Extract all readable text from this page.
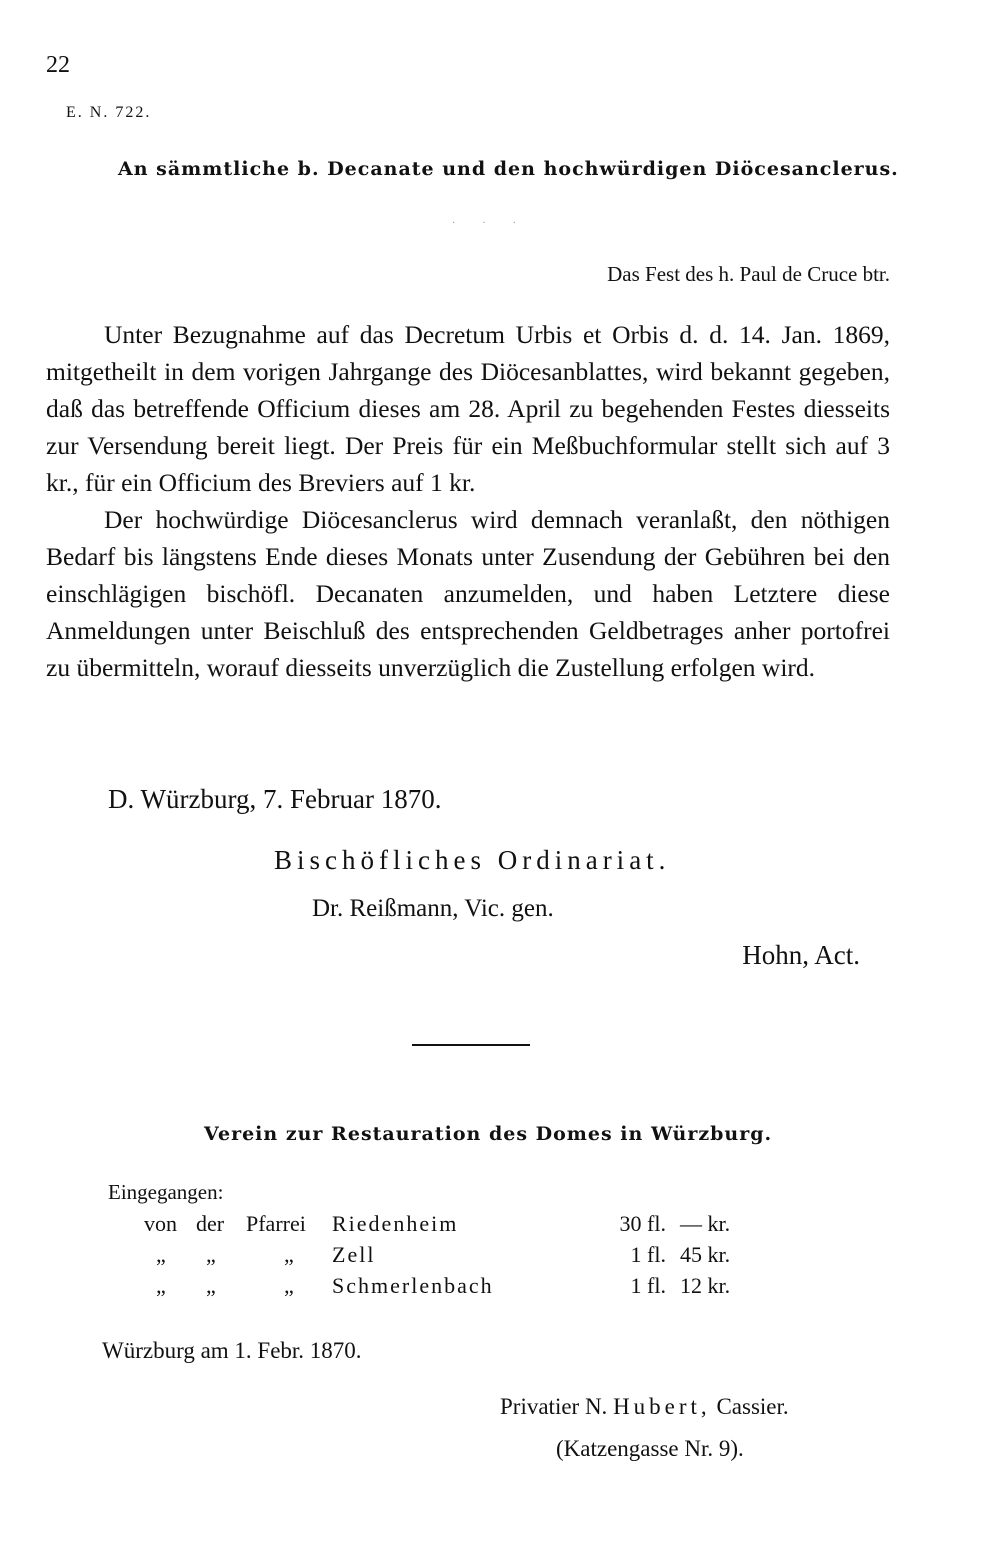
22
E. N. 722.
An sämmtliche b. Decanate und den hochwürdigen Diöcesanclerus.
· · ·
Das Fest des h. Paul de Cruce btr.

Unter Bezugnahme auf das Decretum Urbis et Orbis d. d. 14. Jan. 1869, mitgetheilt in dem vorigen Jahrgange des Diöcesanblattes, wird bekannt gegeben, daß das betreffende Officium dieses am 28. April zu begehenden Festes diesseits zur Versendung bereit liegt. Der Preis für ein Meßbuchformular stellt sich auf 3 kr., für ein Officium des Breviers auf 1 kr.

Der hochwürdige Diöcesanclerus wird demnach veranlaßt, den nöthigen Bedarf bis längstens Ende dieses Monats unter Zusendung der Gebühren bei den einschlägigen bischöfl. Decanaten anzumelden, und haben Letztere diese Anmeldungen unter Beischluß des entsprechenden Geldbetrages anher portofrei zu übermitteln, worauf diesseits unverzüglich die Zustellung erfolgen wird.

D. Würzburg, 7. Februar 1870.
Bischöfliches Ordinariat.
Dr. Reißmann, Vic. gen.
Hohn, Act.
Verein zur Restauration des Domes in Würzburg.
Eingegangen:
von der Pfarrei Riedenheim	30 fl. — kr.
„ „	„ Zell	1 fl. 45 kr.
„ „	„ Schmerlenbach	1 fl. 12 kr.
Würzburg am 1. Febr. 1870.
Privatier N. Hubert, Cassier.
(Katzengasse Nr. 9).
